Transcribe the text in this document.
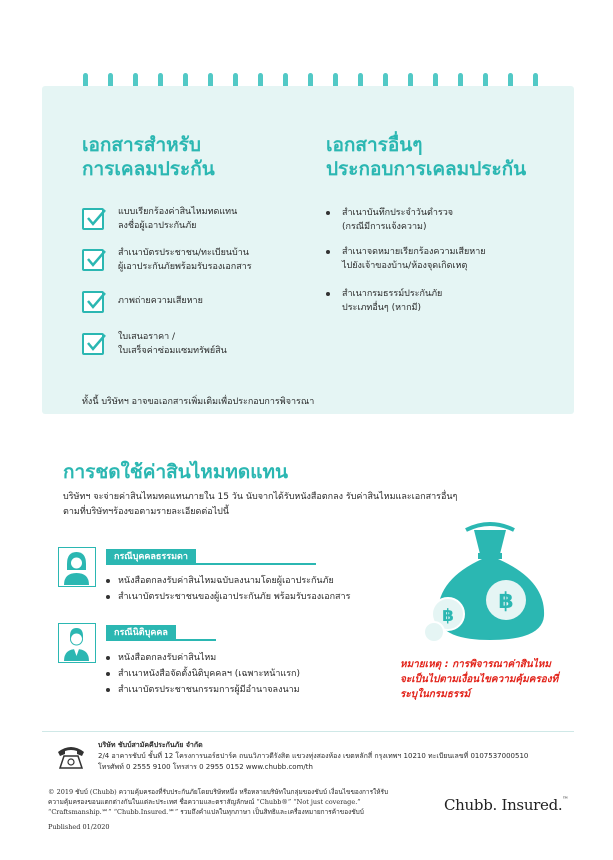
เอกสารสำหรับ
การเคลมประกัน
แบบเรียกร้องค่าสินไหมทดแทน
ลงชื่อผู้เอาประกันภัย
สำเนาบัตรประชาชน/ทะเบียนบ้าน
ผู้เอาประกันภัยพร้อมรับรองเอกสาร
ภาพถ่ายความเสียหาย
ใบเสนอราคา /
ใบเสร็จค่าซ่อมแซมทรัพย์สิน
เอกสารอื่นๆ
ประกอบการเคลมประกัน
สำเนาบันทึกประจำวันตำรวจ
(กรณีมีการแจ้งความ)
สำเนาจดหมายเรียกร้องความเสียหาย
ไปยังเจ้าของบ้าน/ห้องจุดเกิดเหตุ
สำเนากรมธรรม์ประกันภัย
ประเภทอื่นๆ (หากมี)
ทั้งนี้ บริษัทฯ อาจขอเอกสารเพิ่มเติมเพื่อประกอบการพิจารณา
การชดใช้ค่าสินไหมทดแทน
บริษัทฯ จะจ่ายค่าสินไหมทดแทนภายใน 15 วัน นับจากได้รับหนังสือตกลง รับค่าสินไหมและเอกสารอื่นๆ
ตามที่บริษัทฯร้องขอตามรายละเอียดต่อไปนี้
กรณีบุคคลธรรมดา
หนังสือตกลงรับค่าสินไหมฉบับลงนามโดยผู้เอาประกันภัย
สำเนาบัตรประชาชนของผู้เอาประกันภัย พร้อมรับรองเอกสาร
กรณีนิติบุคคล
หนังสือตกลงรับค่าสินไหม
สำเนาหนังสือจัดตั้งนิติบุคคลฯ (เฉพาะหน้าแรก)
สำเนาบัตรประชาชนกรรมการผู้มีอำนาจลงนาม
฿
฿
หมายเหตุ : การพิจารณาค่าสินไหม
จะเป็นไปตามเงื่อนไขความคุ้มครองที่
ระบุในกรมธรรม์
บริษัท ชับบ์สามัคคีประกันภัย จำกัด
2/4 อาคารชับบ์ ชั้นที่ 12 โครงการนอร์ธปาร์ค ถนนวิภาวดีรังสิต แขวงทุ่งสองห้อง เขตหลักสี่ กรุงเทพฯ 10210 ทะเบียนเลขที่ 0107537000510
โทรศัพท์ 0 2555 9100 โทรสาร 0 2955 0152 www.chubb.com/th
© 2019 ชับบ์ (Chubb) ความคุ้มครองที่รับประกันภัยโดยบริษัทหนึ่ง หรือหลายบริษัทในกลุ่มของชับบ์ เงื่อนไขของการให้รับ
ความคุ้มครองขอนแตกต่างกันในแต่ละประเทศ ชื่อความและตราสัญลักษณ์ “Chubb®” “Not just coverage.”
“Craftsmanship.℠” “Chubb.Insured.℠” รวมถึงคำแปลในทุกภาษา เป็นสิทธิและเครื่องหมายการค้าของชับบ์
Published 01/2020
Chubb. Insured.™
